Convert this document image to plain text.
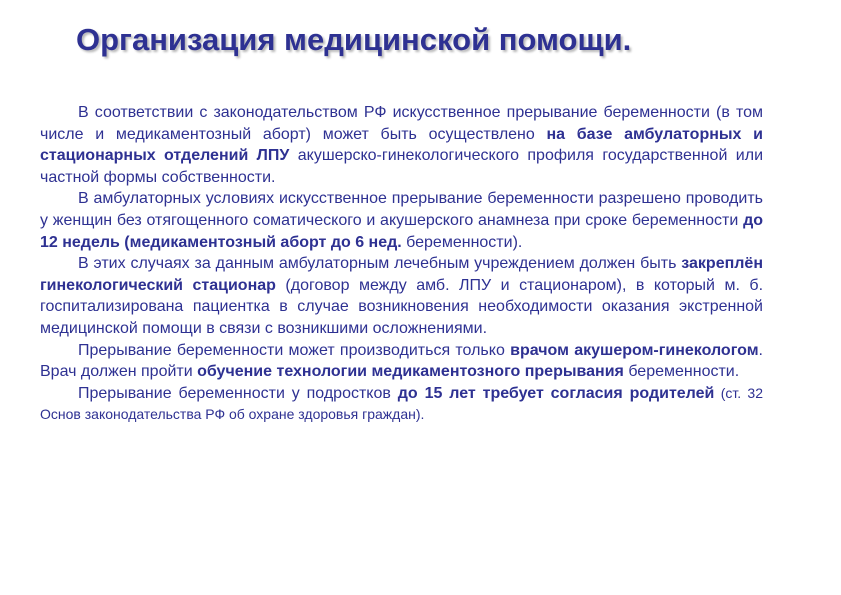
Организация медицинской помощи.

В соответствии с законодательством РФ искусственное прерывание беременности (в том числе и медикаментозный аборт) может быть осуществлено на базе амбулаторных и стационарных отделений ЛПУ акушерско-гинекологического профиля государственной или частной формы собственности.

В амбулаторных условиях искусственное прерывание беременности разрешено проводить у женщин без отягощенного соматического и акушерского анамнеза при сроке беременности до 12 недель (медикаментозный аборт до 6 нед. беременности).

В этих случаях за данным амбулаторным лечебным учреждением должен быть закреплён гинекологический стационар (договор между амб. ЛПУ и стационаром), в который м. б. госпитализирована пациентка в случае возникновения необходимости оказания экстренной медицинской помощи в связи с возникшими осложнениями.

Прерывание беременности может производиться только врачом акушером-гинекологом. Врач должен пройти обучение технологии медикаментозного прерывания беременности.

Прерывание беременности у подростков до 15 лет требует согласия родителей (ст. 32 Основ законодательства РФ об охране здоровья граждан).
